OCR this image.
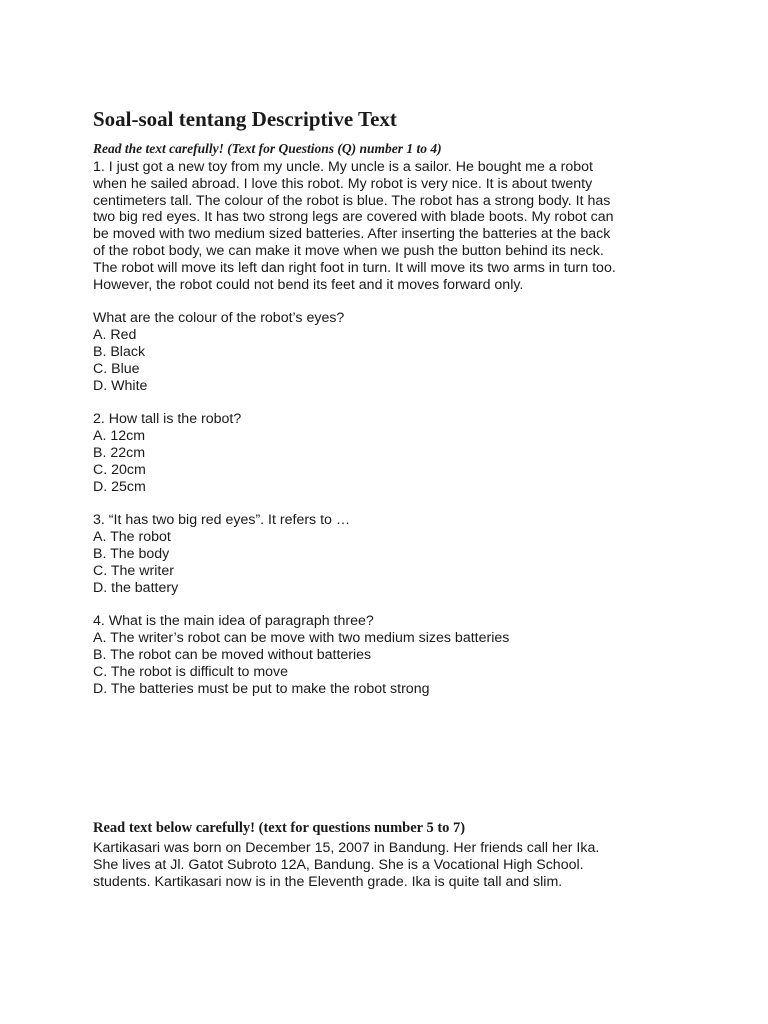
Soal-soal tentang Descriptive Text
Read the text carefully! (Text for Questions (Q) number 1 to 4)
1. I just got a new toy from my uncle. My uncle is a sailor. He bought me a robot
when he sailed abroad. I love this robot. My robot is very nice. It is about twenty
centimeters tall. The colour of the robot is blue. The robot has a strong body. It has
two big red eyes. It has two strong legs are covered with blade boots. My robot can
be moved with two medium sized batteries. After inserting the batteries at the back
of the robot body, we can make it move when we push the button behind its neck.
The robot will move its left dan right foot in turn. It will move its two arms in turn too.
However, the robot could not bend its feet and it moves forward only.
What are the colour of the robot’s eyes?
A. Red
B. Black
C. Blue
D. White
2. How tall is the robot?
A. 12cm
B. 22cm
C. 20cm
D. 25cm
3. “It has two big red eyes”. It refers to …
A. The robot
B. The body
C. The writer
D. the battery
4. What is the main idea of paragraph three?
A. The writer’s robot can be move with two medium sizes batteries
B. The robot can be moved without batteries
C. The robot is difficult to move
D. The batteries must be put to make the robot strong
Read text below carefully! (text for questions number 5 to 7)
Kartikasari was born on December 15, 2007 in Bandung. Her friends call her Ika.
She lives at Jl. Gatot Subroto 12A, Bandung. She is a Vocational High School.
students. Kartikasari now is in the Eleventh grade. Ika is quite tall and slim.
